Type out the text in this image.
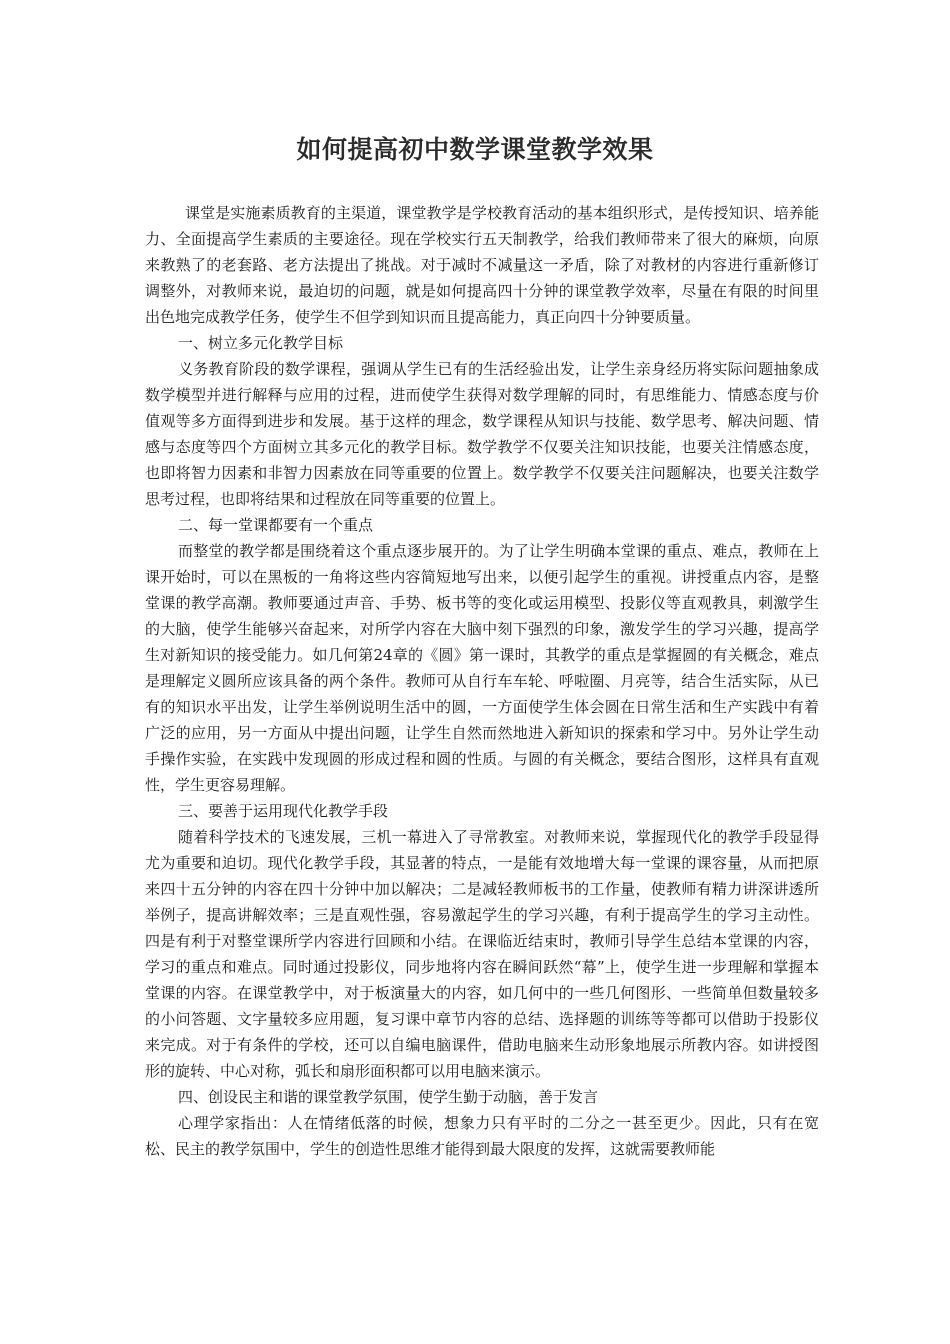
如何提高初中数学课堂教学效果

课堂是实施素质教育的主渠道，课堂教学是学校教育活动的基本组织形式，是传授知识、培养能力、全面提高学生素质的主要途径。现在学校实行五天制教学，给我们教师带来了很大的麻烦，向原来教熟了的老套路、老方法提出了挑战。对于减时不减量这一矛盾，除了对教材的内容进行重新修订调整外，对教师来说，最迫切的问题，就是如何提高四十分钟的课堂教学效率，尽量在有限的时间里出色地完成教学任务，使学生不但学到知识而且提高能力，真正向四十分钟要质量。

一、树立多元化教学目标

义务教育阶段的数学课程，强调从学生已有的生活经验出发，让学生亲身经历将实际问题抽象成数学模型并进行解释与应用的过程，进而使学生获得对数学理解的同时，有思维能力、情感态度与价值观等多方面得到进步和发展。基于这样的理念，数学课程从知识与技能、数学思考、解决问题、情感与态度等四个方面树立其多元化的教学目标。数学教学不仅要关注知识技能，也要关注情感态度，也即将智力因素和非智力因素放在同等重要的位置上。数学教学不仅要关注问题解决，也要关注数学思考过程，也即将结果和过程放在同等重要的位置上。

二、每一堂课都要有一个重点

而整堂的教学都是围绕着这个重点逐步展开的。为了让学生明确本堂课的重点、难点，教师在上课开始时，可以在黑板的一角将这些内容简短地写出来，以便引起学生的重视。讲授重点内容，是整堂课的教学高潮。教师要通过声音、手势、板书等的变化或运用模型、投影仪等直观教具，刺激学生的大脑，使学生能够兴奋起来，对所学内容在大脑中刻下强烈的印象，激发学生的学习兴趣，提高学生对新知识的接受能力。如几何第24章的《圆》第一课时，其教学的重点是掌握圆的有关概念，难点是理解定义圆所应该具备的两个条件。教师可从自行车车轮、呼啦圈、月亮等，结合生活实际，从已有的知识水平出发，让学生举例说明生活中的圆，一方面使学生体会圆在日常生活和生产实践中有着广泛的应用，另一方面从中提出问题，让学生自然而然地进入新知识的探索和学习中。另外让学生动手操作实验，在实践中发现圆的形成过程和圆的性质。与圆的有关概念，要结合图形，这样具有直观性，学生更容易理解。

三、要善于运用现代化教学手段

随着科学技术的飞速发展，三机一幕进入了寻常教室。对教师来说，掌握现代化的教学手段显得尤为重要和迫切。现代化教学手段，其显著的特点，一是能有效地增大每一堂课的课容量，从而把原来四十五分钟的内容在四十分钟中加以解决；二是减轻教师板书的工作量，使教师有精力讲深讲透所举例子，提高讲解效率；三是直观性强，容易激起学生的学习兴趣，有利于提高学生的学习主动性。四是有利于对整堂课所学内容进行回顾和小结。在课临近结束时，教师引导学生总结本堂课的内容，学习的重点和难点。同时通过投影仪，同步地将内容在瞬间跃然“幕”上，使学生进一步理解和掌握本堂课的内容。在课堂教学中，对于板演量大的内容，如几何中的一些几何图形、一些简单但数量较多的小问答题、文字量较多应用题，复习课中章节内容的总结、选择题的训练等等都可以借助于投影仪来完成。对于有条件的学校，还可以自编电脑课件，借助电脑来生动形象地展示所教内容。如讲授图形的旋转、中心对称，弧长和扇形面积都可以用电脑来演示。

四、创设民主和谐的课堂教学氛围，使学生勤于动脑，善于发言

心理学家指出：人在情绪低落的时候，想象力只有平时的二分之一甚至更少。因此，只有在宽松、民主的教学氛围中，学生的创造性思维才能得到最大限度的发挥，这就需要教师能
